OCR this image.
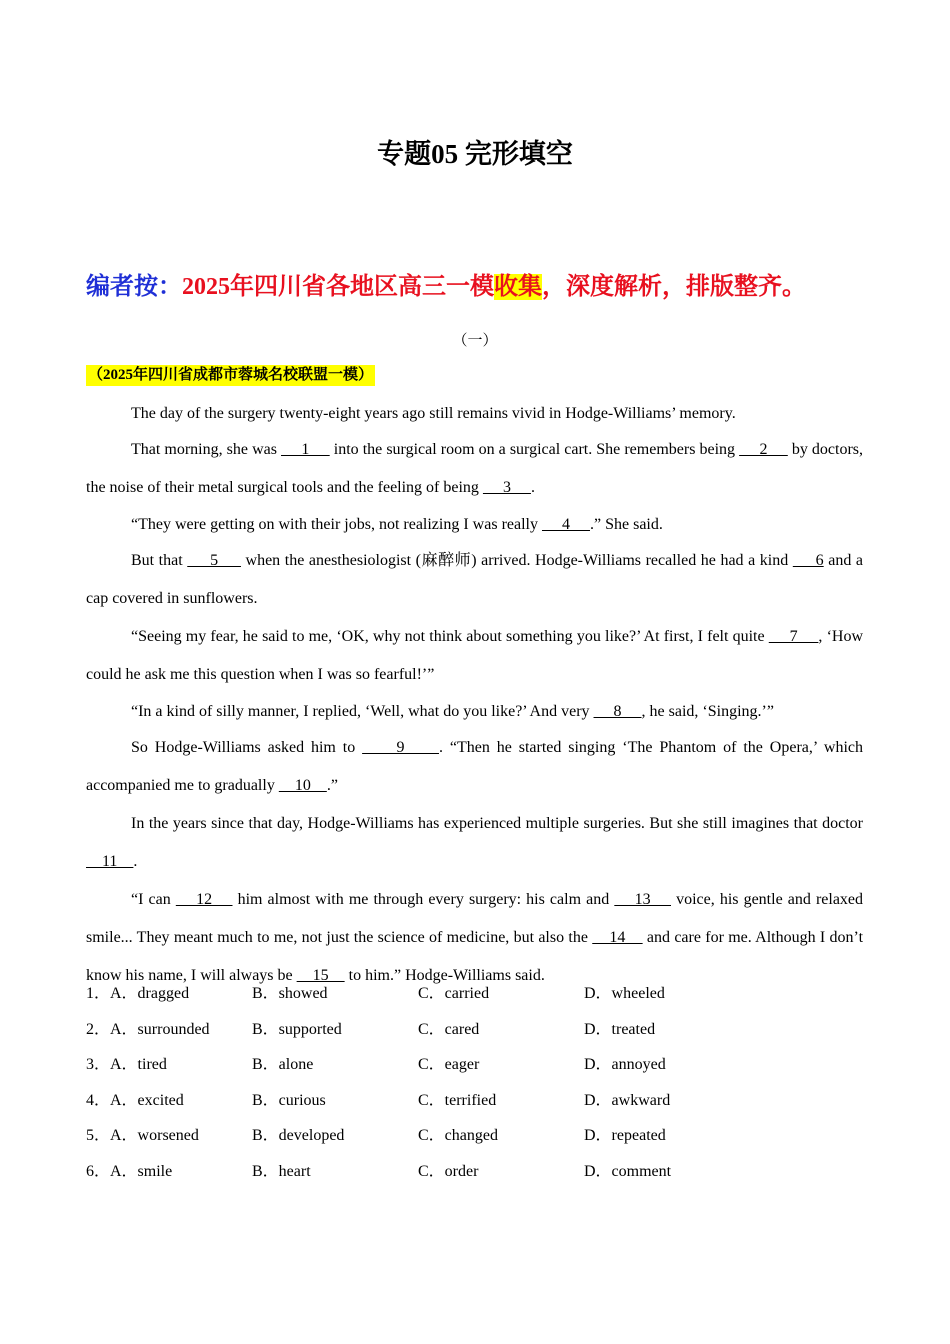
专题05 完形填空
编者按：2025年四川省各地区高三一模收集，深度解析，排版整齐。
（一）
（2025年四川省成都市蓉城名校联盟一模）

The day of the surgery twenty-eight years ago still remains vivid in Hodge-Williams’ memory.

That morning, she was      1      into the surgical room on a surgical cart. She remembers being      2      by doctors, the noise of their metal surgical tools and the feeling of being      3     .

“They were getting on with their jobs, not realizing I was really      4     .” She said.

But that      5      when the anesthesiologist (麻醉师) arrived. Hodge-Williams recalled he had a kind      6 and a cap covered in sunflowers.

“Seeing my fear, he said to me, ‘OK, why not think about something you like?’ At first, I felt quite      7     , ‘How could he ask me this question when I was so fearful!’”

“In a kind of silly manner, I replied, ‘Well, what do you like?’ And very      8     , he said, ‘Singing.’”

So Hodge-Williams asked him to      9     . “Then he started singing ‘The Phantom of the Opera,’ which accompanied me to gradually     10    .”

In the years since that day, Hodge-Williams has experienced multiple surgeries. But she still imagines that doctor     11    .

“I can     12     him almost with me through every surgery: his calm and     13     voice, his gentle and relaxed smile... They meant much to me, not just the science of medicine, but also the     14     and care for me. Although I don’t know his name, I will always be     15     to him.” Hodge-Williams said.

1．A．dragged	B．showed	C．carried	D．wheeled
2．A．surrounded	B．supported	C．cared	D．treated
3．A．tired	B．alone	C．eager	D．annoyed
4．A．excited	B．curious	C．terrified	D．awkward
5．A．worsened	B．developed	C．changed	D．repeated
6．A．smile	B．heart	C．order	D．comment
